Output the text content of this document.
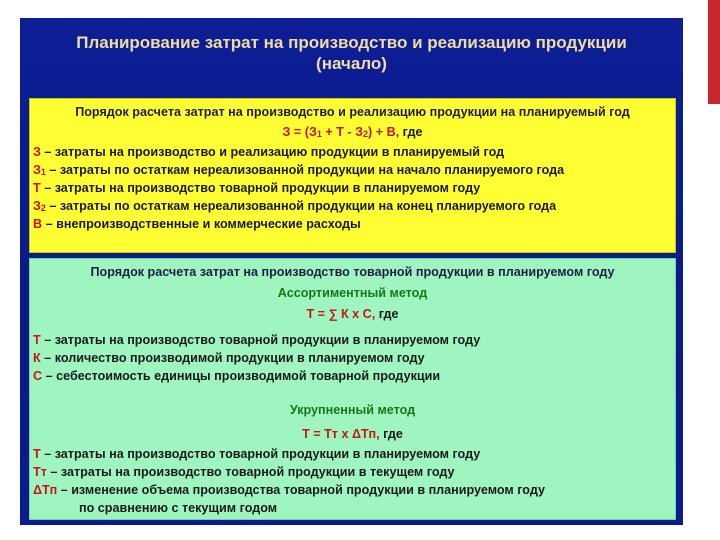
Планирование затрат на производство и реализацию продукции
(начало)
Порядок расчета затрат на производство и реализацию продукции на планируемый год
З = (З1 + Т - З2) + В, где
З – затраты на производство и реализацию продукции в планируемый год
З1 – затраты по остаткам нереализованной продукции на начало планируемого года
Т – затраты на производство товарной продукции в планируемом году
З2 – затраты по остаткам нереализованной продукции на конец планируемого года
В – внепроизводственные и коммерческие расходы
Порядок расчета затрат на производство товарной продукции в планируемом году
Ассортиментный метод
Т = ∑ К х С, где
Т – затраты на производство товарной продукции в планируемом году
К – количество производимой продукции в планируемом году
С – себестоимость единицы производимой товарной продукции
Укрупненный метод
Т = Тт х ΔТп, где
Т – затраты на производство товарной продукции в планируемом году
Тт – затраты на производство товарной продукции в текущем году
ΔТп – изменение объема производства товарной продукции в планируемом году
по сравнению с текущим годом
